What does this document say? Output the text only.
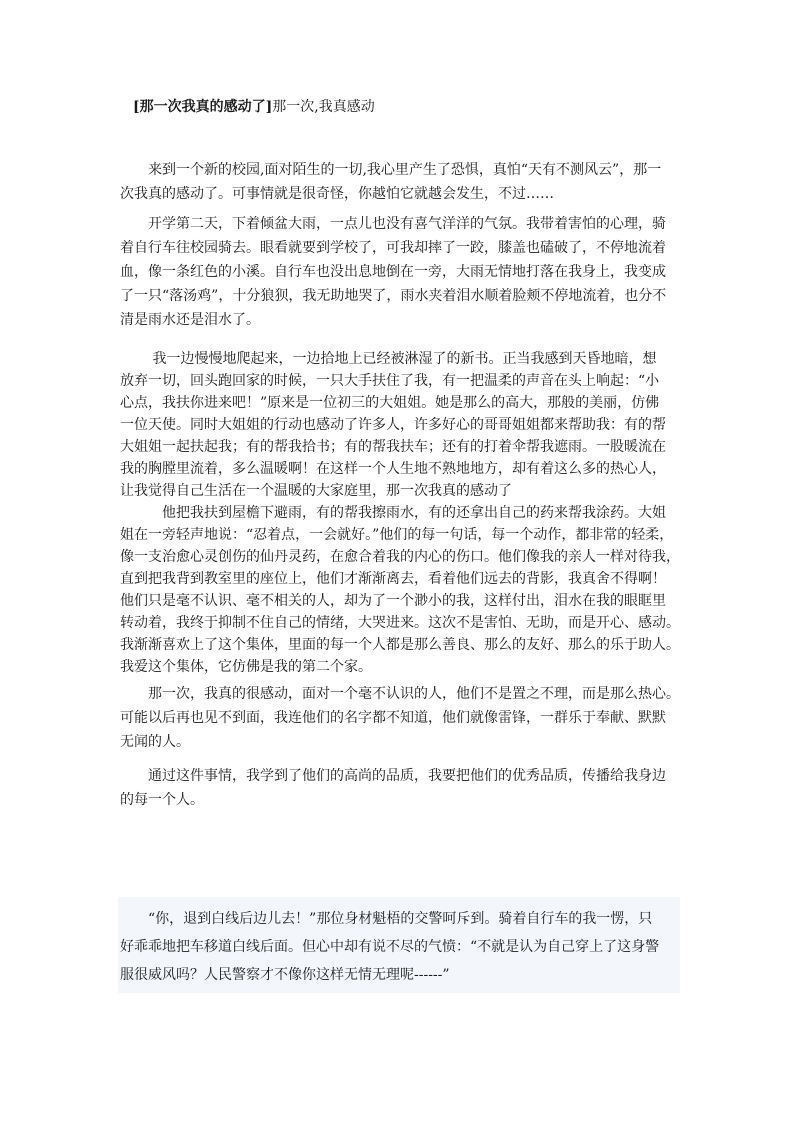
[那一次我真的感动了]那一次,我真感动
　　来到一个新的校园,面对陌生的一切,我心里产生了恐惧，真怕“天有不测风云”，那一
次我真的感动了。可事情就是很奇怪，你越怕它就越会发生，不过……
　　开学第二天，下着倾盆大雨，一点儿也没有喜气洋洋的气氛。我带着害怕的心理，骑
着自行车往校园骑去。眼看就要到学校了，可我却摔了一跤，膝盖也磕破了，不停地流着
血，像一条红色的小溪。自行车也没出息地倒在一旁，大雨无情地打落在我身上，我变成
了一只“落汤鸡”，十分狼狈，我无助地哭了，雨水夹着泪水顺着脸颊不停地流着，也分不
清是雨水还是泪水了。
　　 我一边慢慢地爬起来，一边拾地上已经被淋湿了的新书。正当我感到天昏地暗，想
放弃一切，回头跑回家的时候，一只大手扶住了我，有一把温柔的声音在头上响起：“小
心点，我扶你进来吧！”原来是一位初三的大姐姐。她是那么的高大，那般的美丽，仿佛
一位天使。同时大姐姐的行动也感动了许多人，许多好心的哥哥姐姐都来帮助我：有的帮
大姐姐一起扶起我；有的帮我拾书；有的帮我扶车；还有的打着伞帮我遮雨。一股暖流在
我的胸膛里流着，多么温暖啊！在这样一个人生地不熟地地方，却有着这么多的热心人，
让我觉得自己生活在一个温暖的大家庭里，那一次我真的感动了
　　　他把我扶到屋檐下避雨，有的帮我擦雨水，有的还拿出自己的药来帮我涂药。大姐
姐在一旁轻声地说：“忍着点，一会就好。”他们的每一句话，每一个动作，都非常的轻柔，
像一支治愈心灵创伤的仙丹灵药，在愈合着我的内心的伤口。他们像我的亲人一样对待我，
直到把我背到教室里的座位上，他们才渐渐离去，看着他们远去的背影，我真舍不得啊！
他们只是毫不认识、毫不相关的人，却为了一个渺小的我，这样付出，泪水在我的眼眶里
转动着，我终于抑制不住自己的情绪，大哭进来。这次不是害怕、无助，而是开心、感动。
我渐渐喜欢上了这个集体，里面的每一个人都是那么善良、那么的友好、那么的乐于助人。
我爱这个集体，它仿佛是我的第二个家。
　　那一次，我真的很感动，面对一个毫不认识的人，他们不是置之不理，而是那么热心。
可能以后再也见不到面，我连他们的名字都不知道，他们就像雷锋，一群乐于奉献、默默
无闻的人。
　　通过这件事情，我学到了他们的高尚的品质，我要把他们的优秀品质，传播给我身边
的每一个人。
　　“你，退到白线后边儿去！”那位身材魁梧的交警呵斥到。骑着自行车的我一愣，只
好乖乖地把车移道白线后面。但心中却有说不尽的气愤：“不就是认为自己穿上了这身警
服很威风吗？人民警察才不像你这样无情无理呢------”
